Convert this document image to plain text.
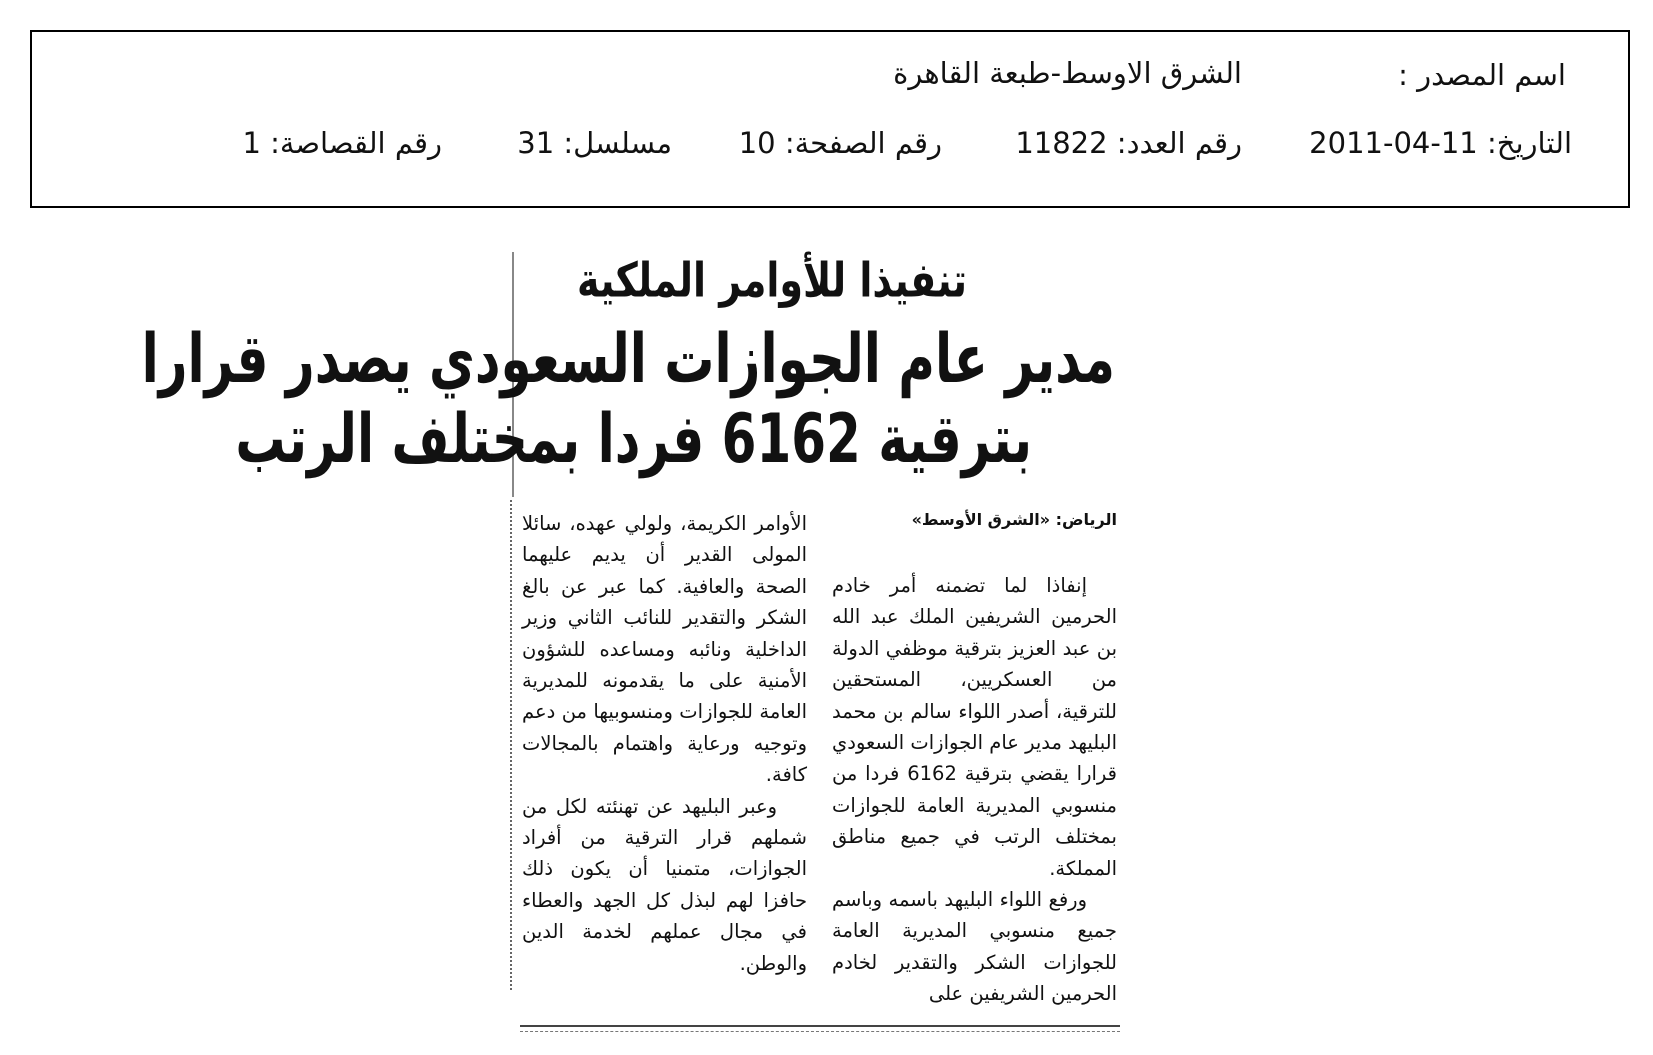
اسم المصدر :
الشرق الاوسط-طبعة القاهرة
التاريخ: 11-04-2011
رقم العدد: 11822
رقم الصفحة: 10
مسلسل: 31
رقم القصاصة: 1
تنفيذا للأوامر الملكية
مدير عام الجوازات السعودي يصدر قرارا
بترقية 6162 فردا بمختلف الرتب
الرياض: «الشرق الأوسط»

إنفاذا لما تضمنه أمر خادم الحرمين الشريفين الملك عبد الله بن عبد العزيز بترقية موظفي الدولة من العسكريين، المستحقين للترقية، أصدر اللواء سالم بن محمد البليهد مدير عام الجوازات السعودي قرارا يقضي بترقية 6162 فردا من منسوبي المديرية العامة للجوازات بمختلف الرتب في جميع مناطق المملكة.

ورفع اللواء البليهد باسمه وباسم جميع منسوبي المديرية العامة للجوازات الشكر والتقدير لخادم الحرمين الشريفين على

الأوامر الكريمة، ولولي عهده، سائلا المولى القدير أن يديم عليهما الصحة والعافية. كما عبر عن بالغ الشكر والتقدير للنائب الثاني وزير الداخلية ونائبه ومساعده للشؤون الأمنية على ما يقدمونه للمديرية العامة للجوازات ومنسوبيها من دعم وتوجيه ورعاية واهتمام بالمجالات كافة.

وعبر البليهد عن تهنئته لكل من شملهم قرار الترقية من أفراد الجوازات، متمنيا أن يكون ذلك حافزا لهم لبذل كل الجهد والعطاء في مجال عملهم لخدمة الدين والوطن.
